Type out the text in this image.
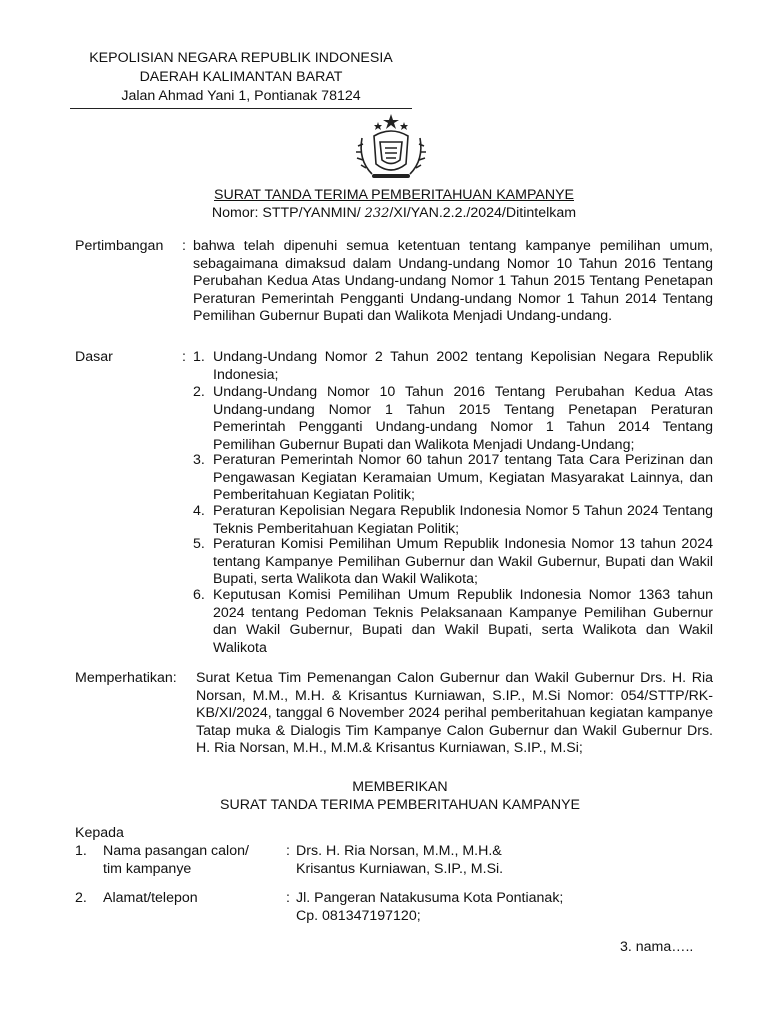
KEPOLISIAN NEGARA REPUBLIK INDONESIA
DAERAH KALIMANTAN BARAT
Jalan Ahmad Yani 1, Pontianak 78124
SURAT TANDA TERIMA PEMBERITAHUAN KAMPANYE
Nomor: STTP/YANMIN/ 232/XI/YAN.2.2./2024/Ditintelkam
Pertimbangan : bahwa telah dipenuhi semua ketentuan tentang kampanye pemilihan umum, sebagaimana dimaksud dalam Undang-undang Nomor 10 Tahun 2016 Tentang Perubahan Kedua Atas Undang-undang Nomor 1 Tahun 2015 Tentang Penetapan Peraturan Pemerintah Pengganti Undang-undang Nomor 1 Tahun 2014 Tentang Pemilihan Gubernur Bupati dan Walikota Menjadi Undang-undang.
Dasar	: 1. Undang-Undang Nomor 2 Tahun 2002 tentang Kepolisian Negara Republik Indonesia;
2. Undang-Undang Nomor 10 Tahun 2016 Tentang Perubahan Kedua Atas Undang-undang Nomor 1 Tahun 2015 Tentang Penetapan Peraturan Pemerintah Pengganti Undang-undang Nomor 1 Tahun 2014 Tentang Pemilihan Gubernur Bupati dan Walikota Menjadi Undang-Undang;
3. Peraturan Pemerintah Nomor 60 tahun 2017 tentang Tata Cara Perizinan dan Pengawasan Kegiatan Keramaian Umum, Kegiatan Masyarakat Lainnya, dan Pemberitahuan Kegiatan Politik;
4. Peraturan Kepolisian Negara Republik Indonesia Nomor 5 Tahun 2024 Tentang Teknis Pemberitahuan Kegiatan Politik;
5. Peraturan Komisi Pemilihan Umum Republik Indonesia Nomor 13 tahun 2024 tentang Kampanye Pemilihan Gubernur dan Wakil Gubernur, Bupati dan Wakil Bupati, serta Walikota dan Wakil Walikota;
6. Keputusan Komisi Pemilihan Umum Republik Indonesia Nomor 1363 tahun 2024 tentang Pedoman Teknis Pelaksanaan Kampanye Pemilihan Gubernur dan Wakil Gubernur, Bupati dan Wakil Bupati, serta Walikota dan Wakil Walikota
Memperhatikan: Surat Ketua Tim Pemenangan Calon Gubernur dan Wakil Gubernur Drs. H. Ria Norsan, M.M., M.H. & Krisantus Kurniawan, S.IP., M.Si Nomor: 054/STTP/RK-KB/XI/2024, tanggal 6 November 2024 perihal pemberitahuan kegiatan kampanye Tatap muka & Dialogis Tim Kampanye Calon Gubernur dan Wakil Gubernur Drs. H. Ria Norsan, M.H., M.M.& Krisantus Kurniawan, S.IP., M.Si;
MEMBERIKAN
SURAT TANDA TERIMA PEMBERITAHUAN KAMPANYE
Kepada
1. Nama pasangan calon/
tim kampanye
: Drs. H. Ria Norsan, M.M., M.H.&
Krisantus Kurniawan, S.IP., M.Si.
2. Alamat/telepon	: Jl. Pangeran Natakusuma Kota Pontianak;
Cp. 081347197120;
3. nama…..
